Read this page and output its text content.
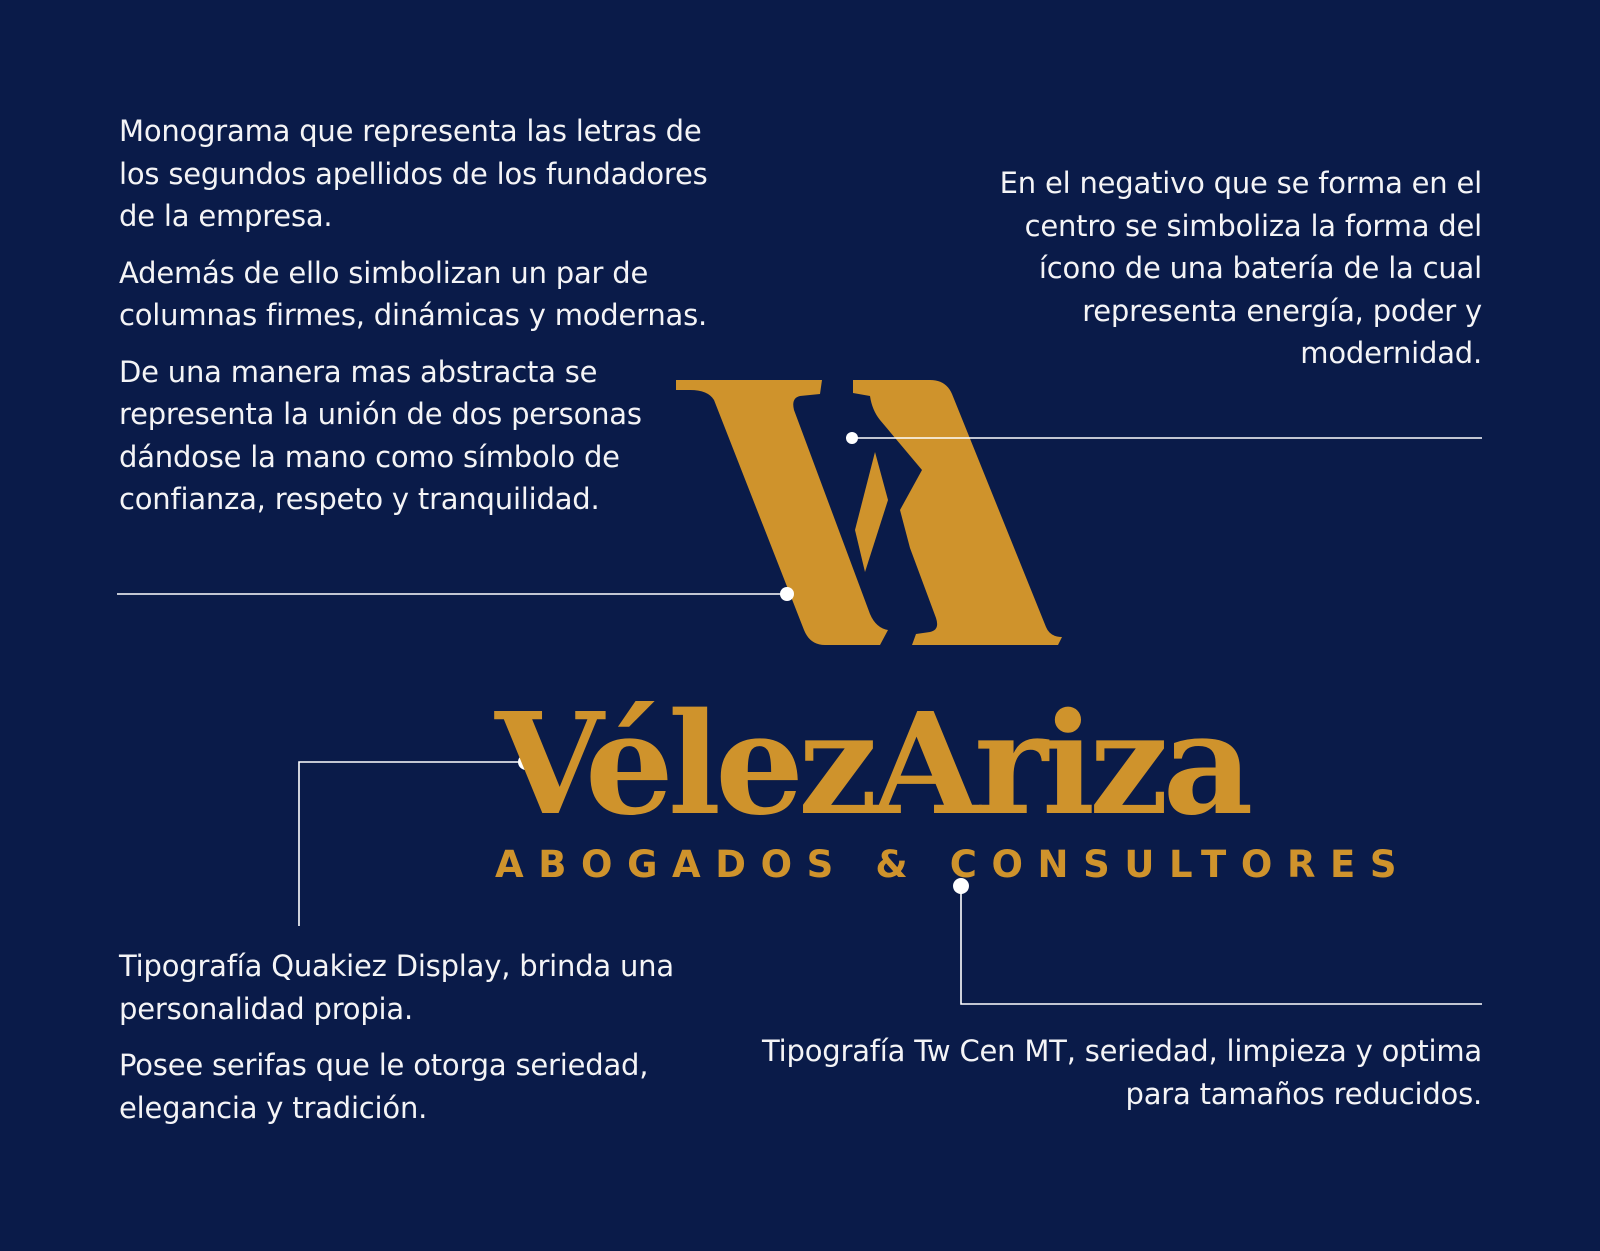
Monograma que representa las letras de los segundos apellidos de los fundadores de la empresa.

Además de ello simbolizan un par de columnas firmes, dinámicas y modernas.

De una manera mas abstracta se representa la unión de dos personas dándose la mano como símbolo de confianza, respeto y tranquilidad.

En el negativo que se forma en el centro se simboliza la forma del ícono de una batería de la cual representa energía, poder y modernidad.

VélezAriza
ABOGADOS & CONSULTORES

Tipografía Quakiez Display, brinda una personalidad propia.

Posee serifas que le otorga seriedad, elegancia y tradición.

Tipografía Tw Cen MT, seriedad, limpieza y optima para tamaños reducidos.
